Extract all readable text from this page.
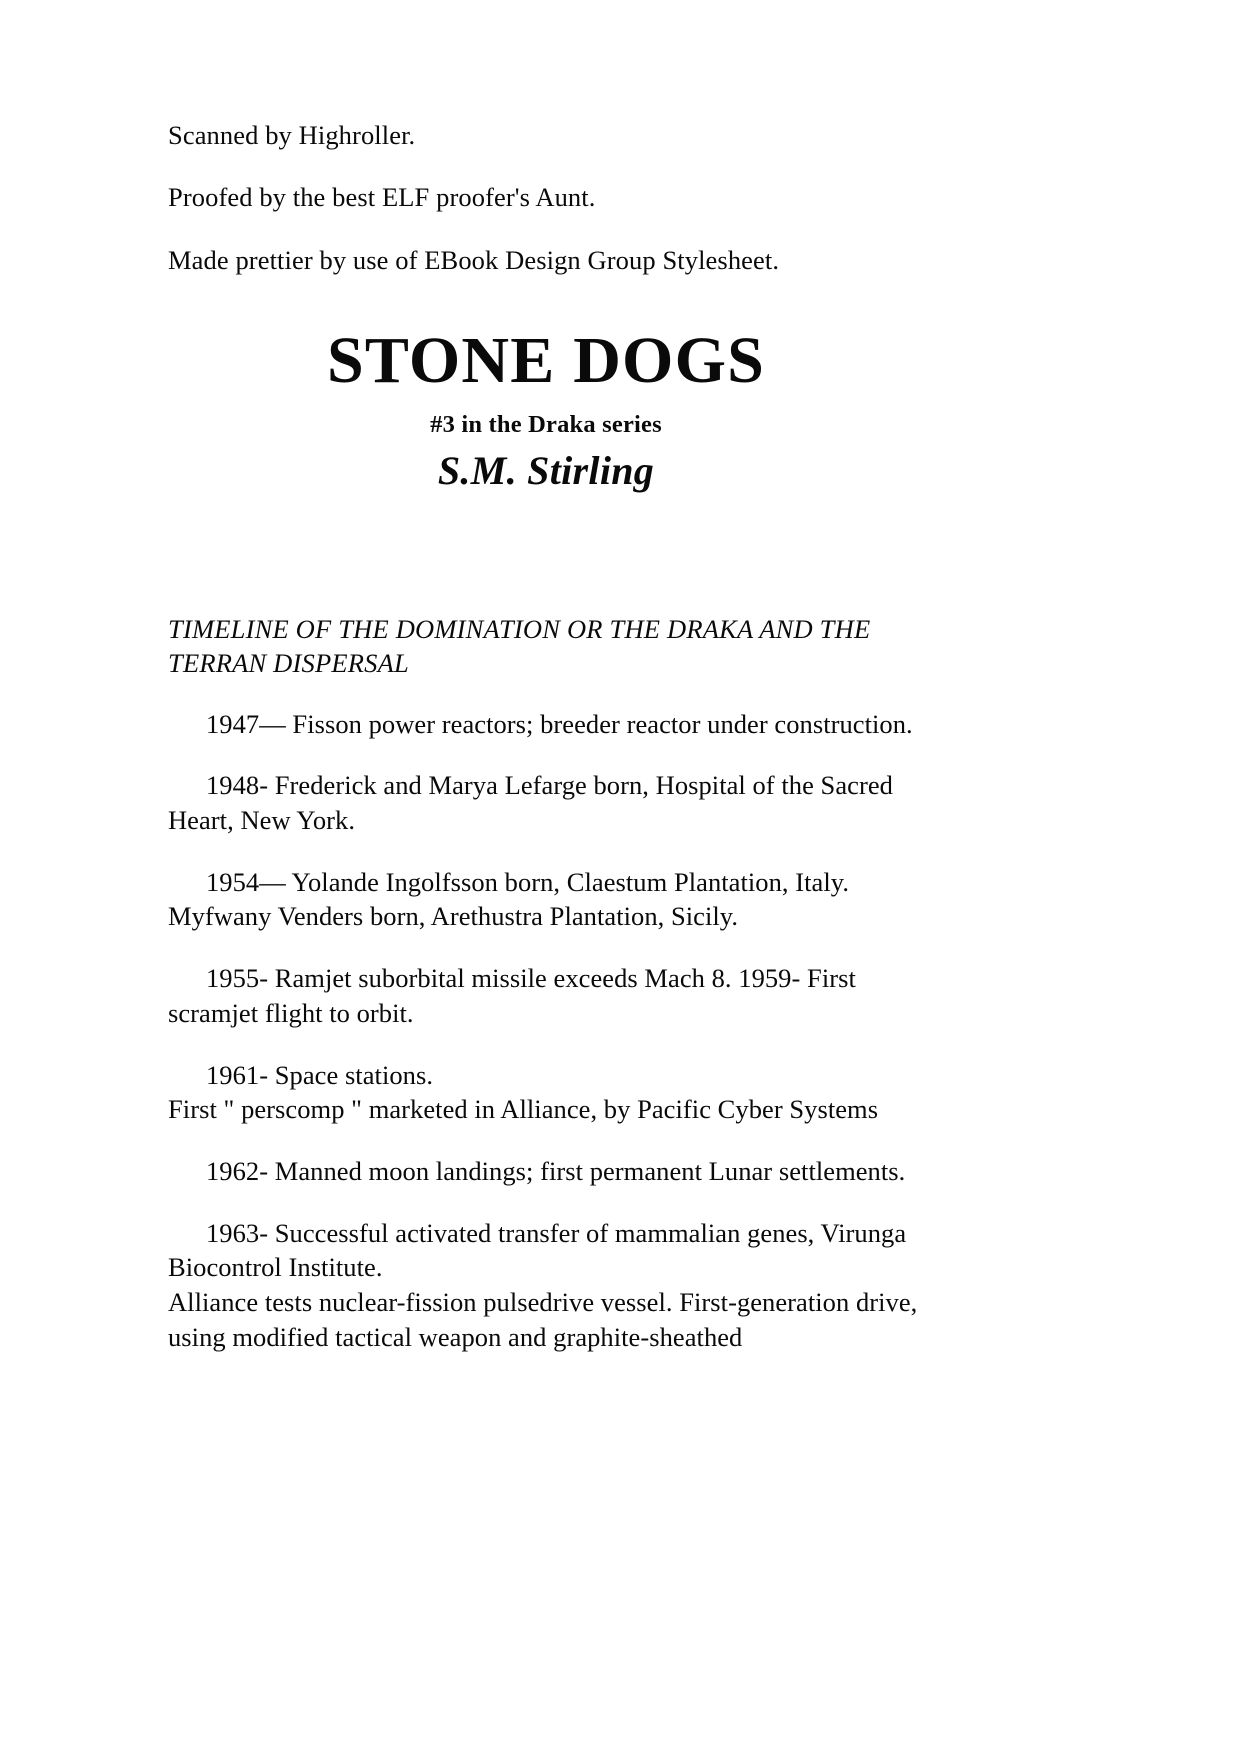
Scanned by Highroller.

Proofed by the best ELF proofer's Aunt.

Made prettier by use of EBook Design Group Stylesheet.

STONE DOGS
#3 in the Draka series
S.M. Stirling
TIMELINE OF THE DOMINATION OR THE DRAKA AND THE TERRAN DISPERSAL

1947— Fisson power reactors; breeder reactor under construction.

1948- Frederick and Marya Lefarge born, Hospital of the Sacred Heart, New York.

1954— Yolande Ingolfsson born, Claestum Plantation, Italy. Myfwany Venders born, Arethustra Plantation, Sicily.

1955- Ramjet suborbital missile exceeds Mach 8. 1959- First scramjet flight to orbit.

1961- Space stations.
First " perscomp " marketed in Alliance, by Pacific Cyber Systems

1962- Manned moon landings; first permanent Lunar settlements.

1963- Successful activated transfer of mammalian genes, Virunga Biocontrol Institute.
Alliance tests nuclear-fission pulsedrive vessel. First-generation drive, using modified tactical weapon and graphite-sheathed
